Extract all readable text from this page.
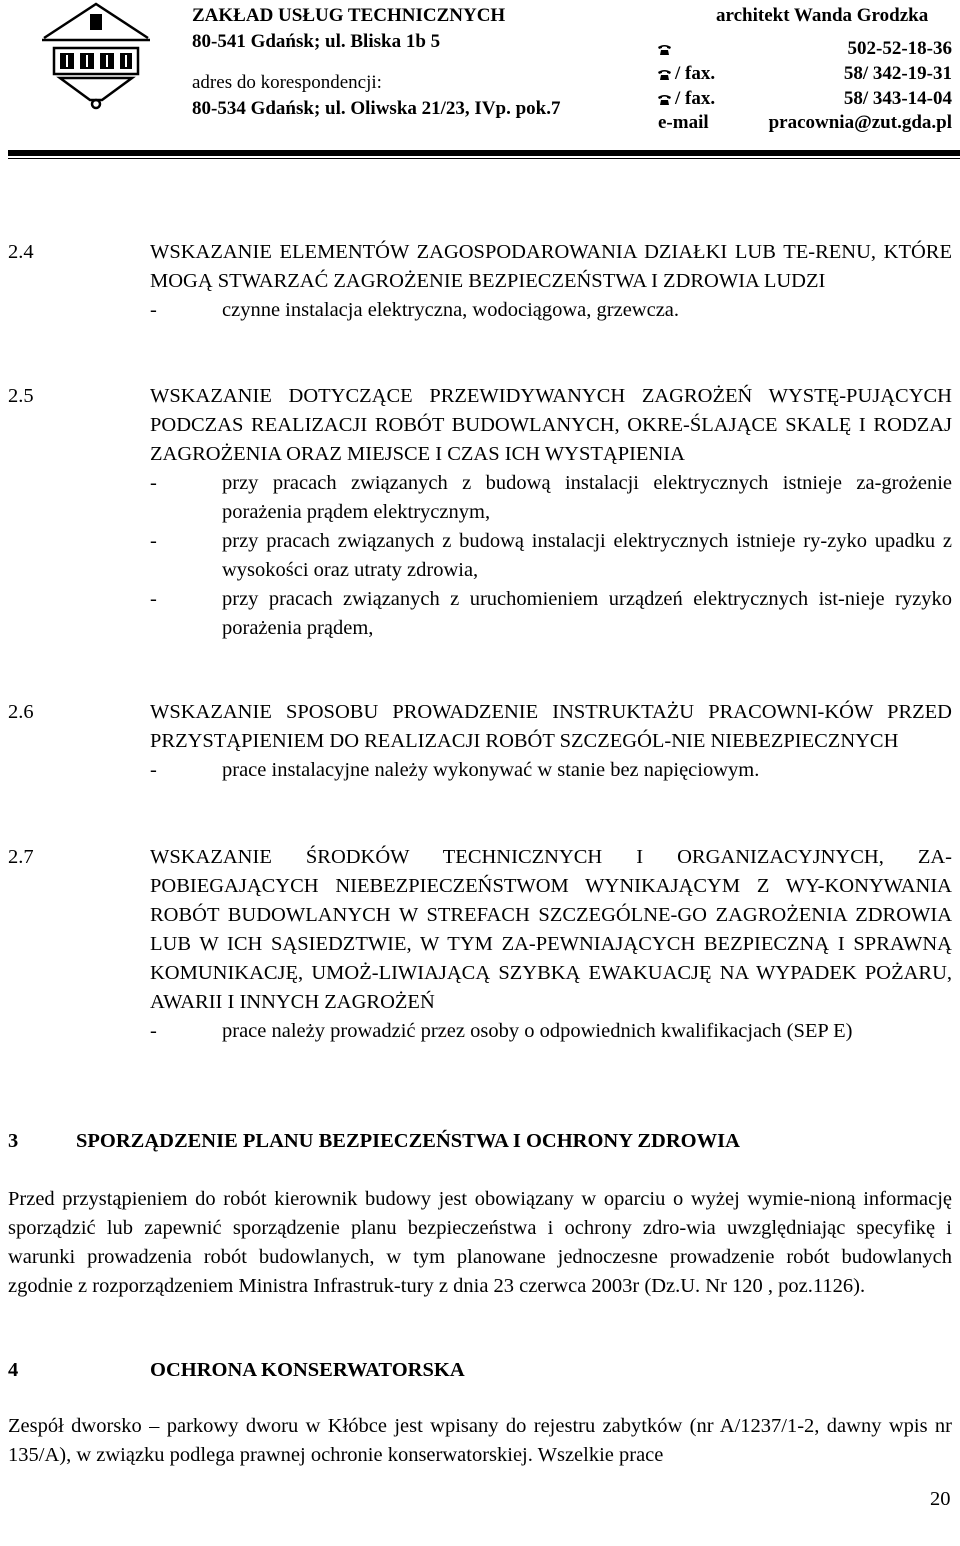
ZAKŁAD USŁUG TECHNICZNYCH
80-541 Gdańsk; ul. Bliska 1b 5
adres do korespondencji:
80-534 Gdańsk; ul. Oliwska 21/23, IVp. pok.7
architekt Wanda Grodzka
502-52-18-36
/ fax.	58/ 342-19-31
/ fax.	58/ 343-14-04
e-mail	pracownia@zut.gda.pl
2.4	WSKAZANIE ELEMENTÓW ZAGOSPODAROWANIA DZIAŁKI LUB TE-RENU, KTÓRE MOGĄ STWARZAĆ ZAGROŻENIE BEZPIECZEŃSTWA I ZDROWIA LUDZI
-	czynne instalacja elektryczna, wodociągowa, grzewcza.
2.5	WSKAZANIE DOTYCZĄCE PRZEWIDYWANYCH ZAGROŻEŃ WYSTĘ-PUJĄCYCH PODCZAS REALIZACJI ROBÓT BUDOWLANYCH, OKRE-ŚLAJĄCE SKALĘ I RODZAJ ZAGROŻENIA ORAZ MIEJSCE I CZAS ICH WYSTĄPIENIA
-	przy pracach związanych z budową instalacji elektrycznych istnieje za-grożenie porażenia prądem elektrycznym,
-	przy pracach związanych z budową instalacji elektrycznych istnieje ry-zyko upadku z wysokości oraz utraty zdrowia,
-	przy pracach związanych z uruchomieniem urządzeń elektrycznych ist-nieje ryzyko porażenia prądem,
2.6	WSKAZANIE SPOSOBU PROWADZENIE INSTRUKTAŻU PRACOWNI-KÓW PRZED PRZYSTĄPIENIEM DO REALIZACJI ROBÓT SZCZEGÓL-NIE NIEBEZPIECZNYCH
-	prace instalacyjne należy wykonywać w stanie bez napięciowym.
2.7	WSKAZANIE ŚRODKÓW TECHNICZNYCH I ORGANIZACYJNYCH, ZA-POBIEGAJĄCYCH NIEBEZPIECZEŃSTWOM WYNIKAJĄCYM Z WY-KONYWANIA ROBÓT BUDOWLANYCH W STREFACH SZCZEGÓLNE-GO ZAGROŻENIA ZDROWIA LUB W ICH SĄSIEDZTWIE, W TYM ZA-PEWNIAJĄCYCH BEZPIECZNĄ I SPRAWNĄ KOMUNIKACJĘ, UMOŻ-LIWIAJĄCĄ SZYBKĄ EWAKUACJĘ NA WYPADEK POŻARU, AWARII I INNYCH ZAGROŻEŃ
-	prace należy prowadzić przez osoby o odpowiednich kwalifikacjach (SEP E)
3	SPORZĄDZENIE PLANU BEZPIECZEŃSTWA I OCHRONY ZDROWIA
Przed przystąpieniem do robót kierownik budowy jest obowiązany w oparciu o wyżej wymie-nioną informację sporządzić lub zapewnić sporządzenie planu bezpieczeństwa i ochrony zdro-wia uwzględniając specyfikę i warunki prowadzenia robót budowlanych, w tym planowane jednoczesne prowadzenie robót budowlanych zgodnie z rozporządzeniem Ministra Infrastruk-tury z dnia 23 czerwca 2003r (Dz.U. Nr 120 , poz.1126).
4	OCHRONA KONSERWATORSKA
Zespół dworsko – parkowy dworu w Kłóbce jest wpisany do rejestru zabytków (nr A/1237/1-2, dawny wpis nr 135/A), w związku podlega prawnej ochronie konserwatorskiej. Wszelkie prace
20
